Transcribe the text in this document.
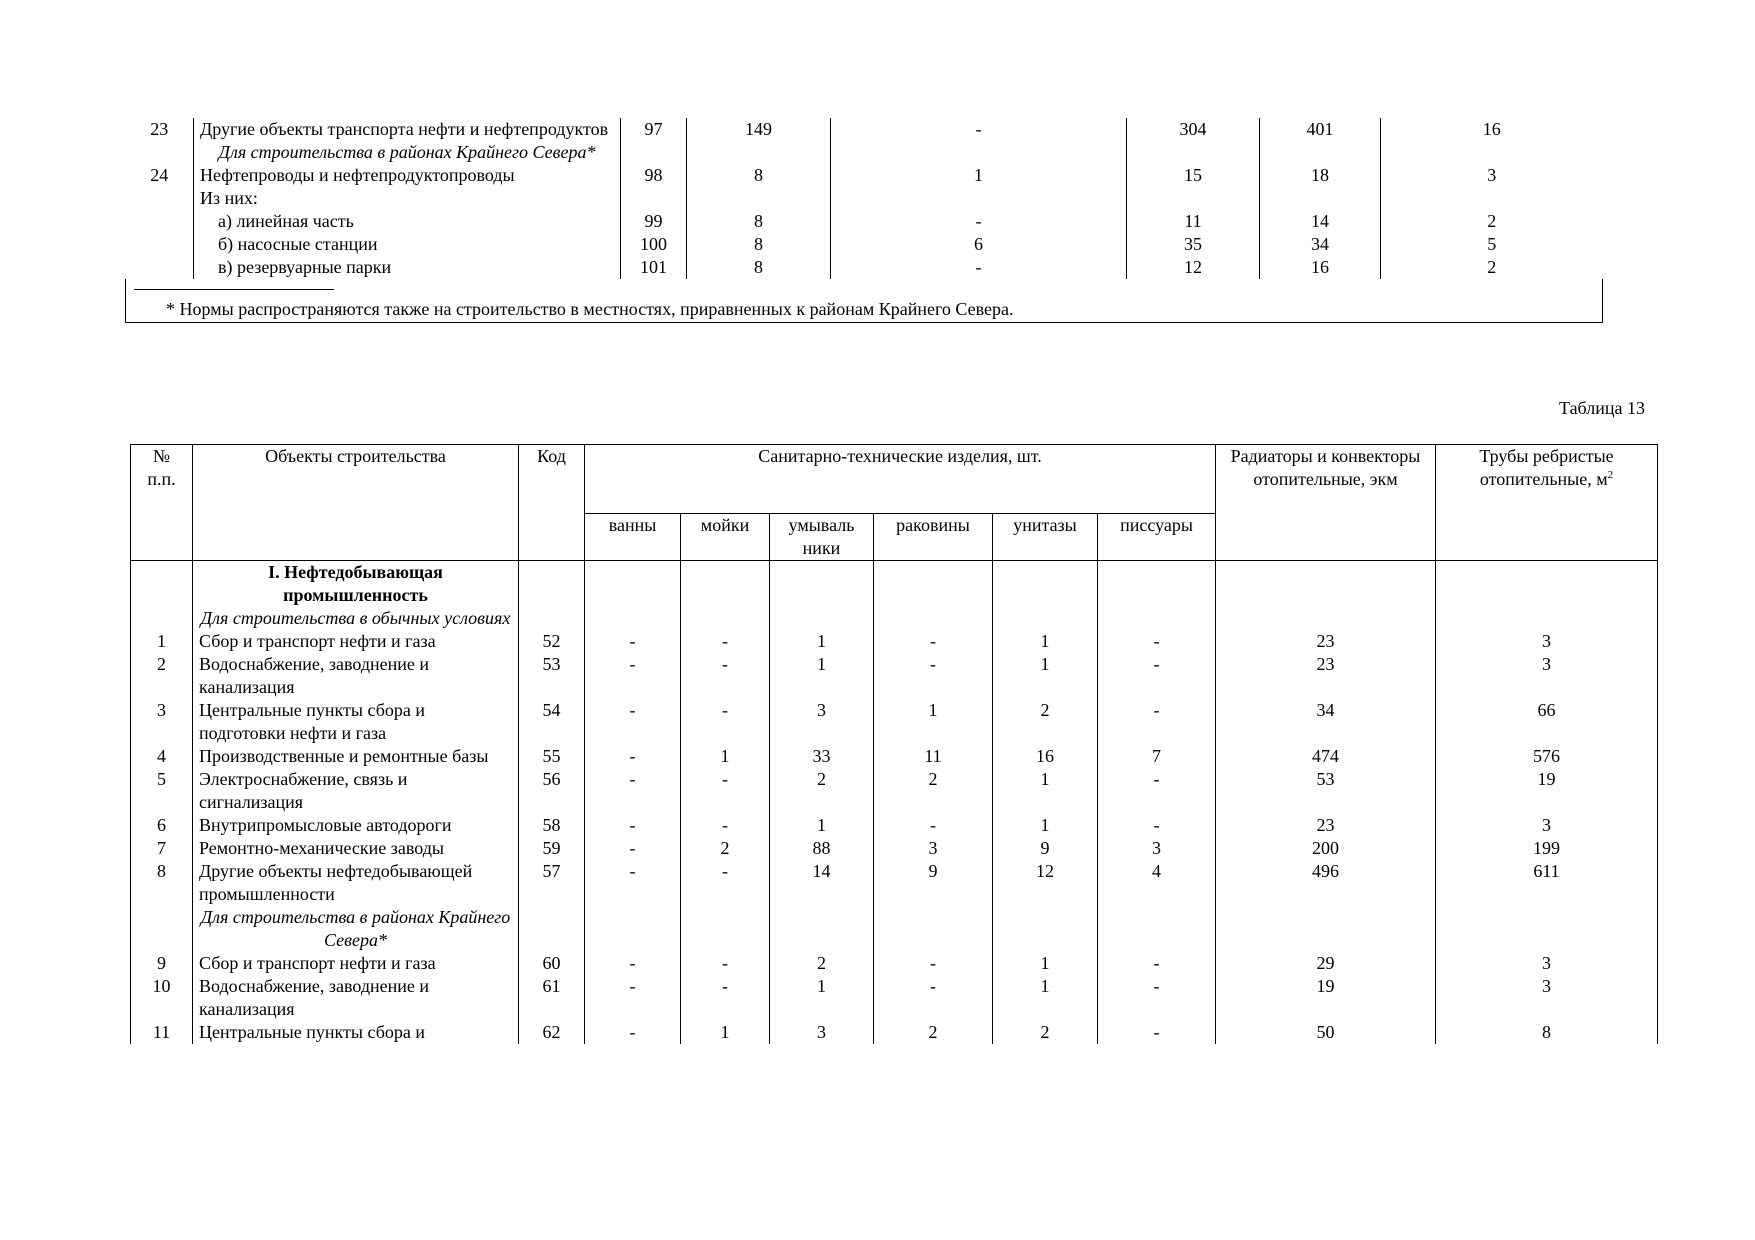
23	Другие объекты транспорта нефти и нефтепродуктов	97	149	-	304	401	16
	Для строительства в районах Крайнего Севера*						
24	Нефтепроводы и нефтепродуктопроводы	98	8	1	15	18	3
	Из них:						
	а) линейная часть	99	8	-	11	14	2
	б) насосные станции	100	8	6	35	34	5
	в) резервуарные парки	101	8	-	12	16	2

* Нормы распространяются также на строительство в местностях, приравненных к районам Крайнего Севера.							
Таблица 13
№ п.п.	Объекты строительства	Код	Санитарно-технические изделия, шт.						Радиаторы и конвекторы отопительные, экм	Трубы ребристые отопительные, $м^2$
			ванны	мойки	умываль ники	раковины	унитазы	писсуары		
	I. Нефтедобывающая промышленность									
	Для строительства в обычных условиях									
1	Сбор и транспорт нефти и газа	52	-	-	1	-	1	-	23	3
2	Водоснабжение, заводнение и канализация	53	-	-	1	-	1	-	23	3
3	Центральные пункты сбора и подготовки нефти и газа	54	-	-	3	1	2	-	34	66
4	Производственные и ремонтные базы	55	-	1	33	11	16	7	474	576
5	Электроснабжение, связь и сигнализация	56	-	-	2	2	1	-	53	19
6	Внутрипромысловые автодороги	58	-	-	1	-	1	-	23	3
7	Ремонтно-механические заводы	59	-	2	88	3	9	3	200	199
8	Другие объекты нефтедобывающей промышленности	57	-	-	14	9	12	4	496	611
	Для строительства в районах Крайнего Севера*									
9	Сбор и транспорт нефти и газа	60	-	-	2	-	1	-	29	3
10	Водоснабжение, заводнение и канализация	61	-	-	1	-	1	-	19	3
11	Центральные пункты сбора и	62	-	1	3	2	2	-	50	8
